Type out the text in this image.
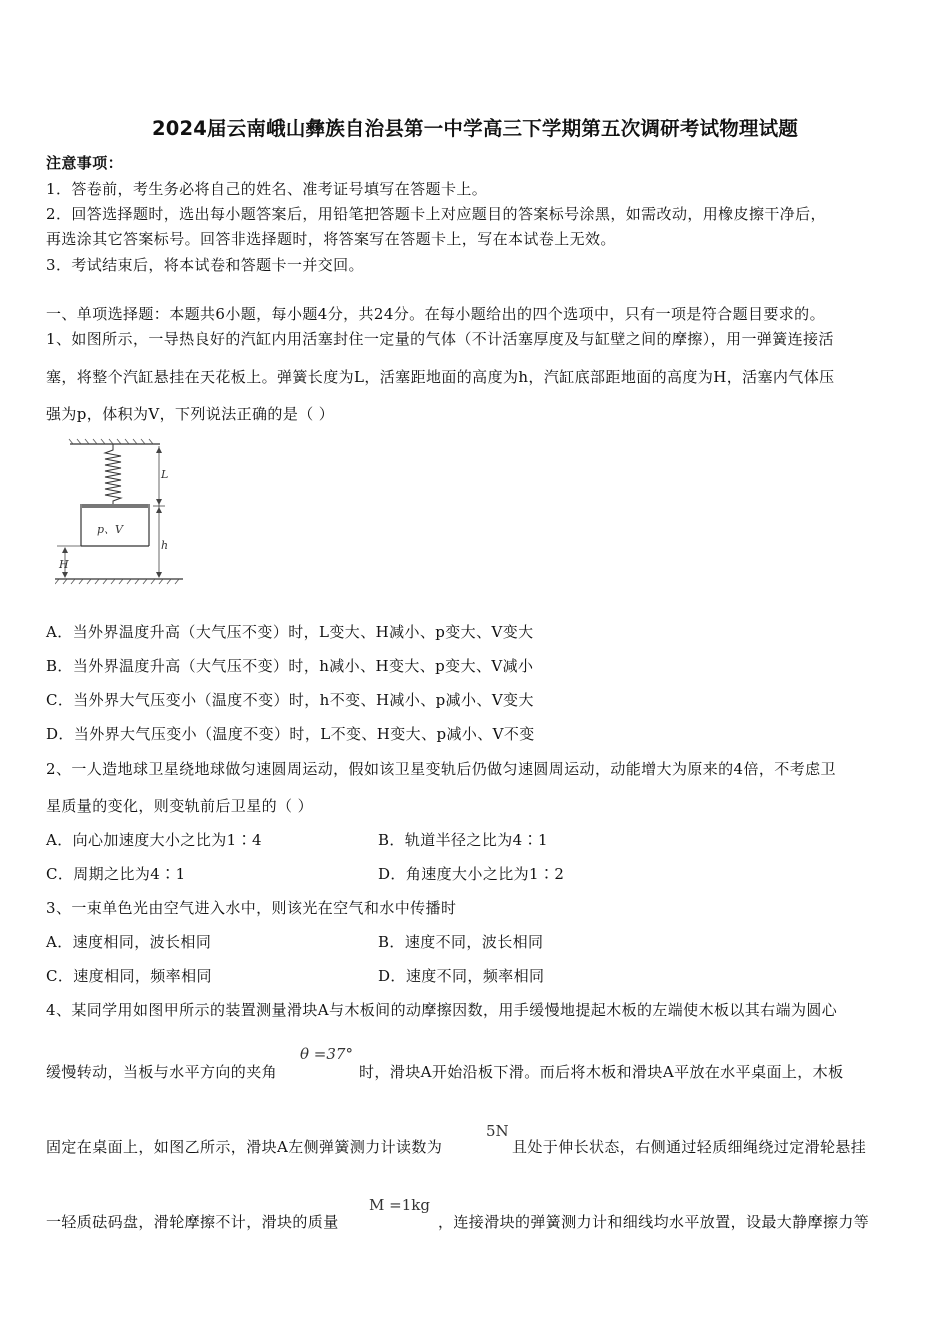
2024届云南峨山彝族自治县第一中学高三下学期第五次调研考试物理试题
注意事项：
1．答卷前，考生务必将自己的姓名、准考证号填写在答题卡上。
2．回答选择题时，选出每小题答案后，用铅笔把答题卡上对应题目的答案标号涂黑，如需改动，用橡皮擦干净后，
再选涂其它答案标号。回答非选择题时，将答案写在答题卡上，写在本试卷上无效。
3．考试结束后，将本试卷和答题卡一并交回。
一、单项选择题：本题共6小题，每小题4分，共24分。在每小题给出的四个选项中，只有一项是符合题目要求的。
1、如图所示，一导热良好的汽缸内用活塞封住一定量的气体（不计活塞厚度及与缸壁之间的摩擦），用一弹簧连接活
塞，将整个汽缸悬挂在天花板上。弹簧长度为L，活塞距地面的高度为h，汽缸底部距地面的高度为H，活塞内气体压
强为p，体积为V，下列说法正确的是（ ）
p、V
L
h
H
A．当外界温度升高（大气压不变）时，L变大、H减小、p变大、V变大
B．当外界温度升高（大气压不变）时，h减小、H变大、p变大、V减小
C．当外界大气压变小（温度不变）时，h不变、H减小、p减小、V变大
D．当外界大气压变小（温度不变）时，L不变、H变大、p减小、V不变
2、一人造地球卫星绕地球做匀速圆周运动，假如该卫星变轨后仍做匀速圆周运动，动能增大为原来的4倍，不考虑卫
星质量的变化，则变轨前后卫星的（ ）
A．向心加速度大小之比为1∶4	B．轨道半径之比为4∶1
C．周期之比为4∶1	D．角速度大小之比为1∶2
3、一束单色光由空气进入水中，则该光在空气和水中传播时
A．速度相同，波长相同	B．速度不同，波长相同
C．速度相同，频率相同	D．速度不同，频率相同
4、某同学用如图甲所示的装置测量滑块A与木板间的动摩擦因数，用手缓慢地提起木板的左端使木板以其右端为圆心
缓慢转动，当板与水平方向的夹角
θ =37°
时，滑块A开始沿板下滑。而后将木板和滑块A平放在水平桌面上，木板
固定在桌面上，如图乙所示，滑块A左侧弹簧测力计读数为
5N
且处于伸长状态，右侧通过轻质细绳绕过定滑轮悬挂
一轻质砝码盘，滑轮摩擦不计，滑块的质量
M =1kg
，连接滑块的弹簧测力计和细线均水平放置，设最大静摩擦力等
